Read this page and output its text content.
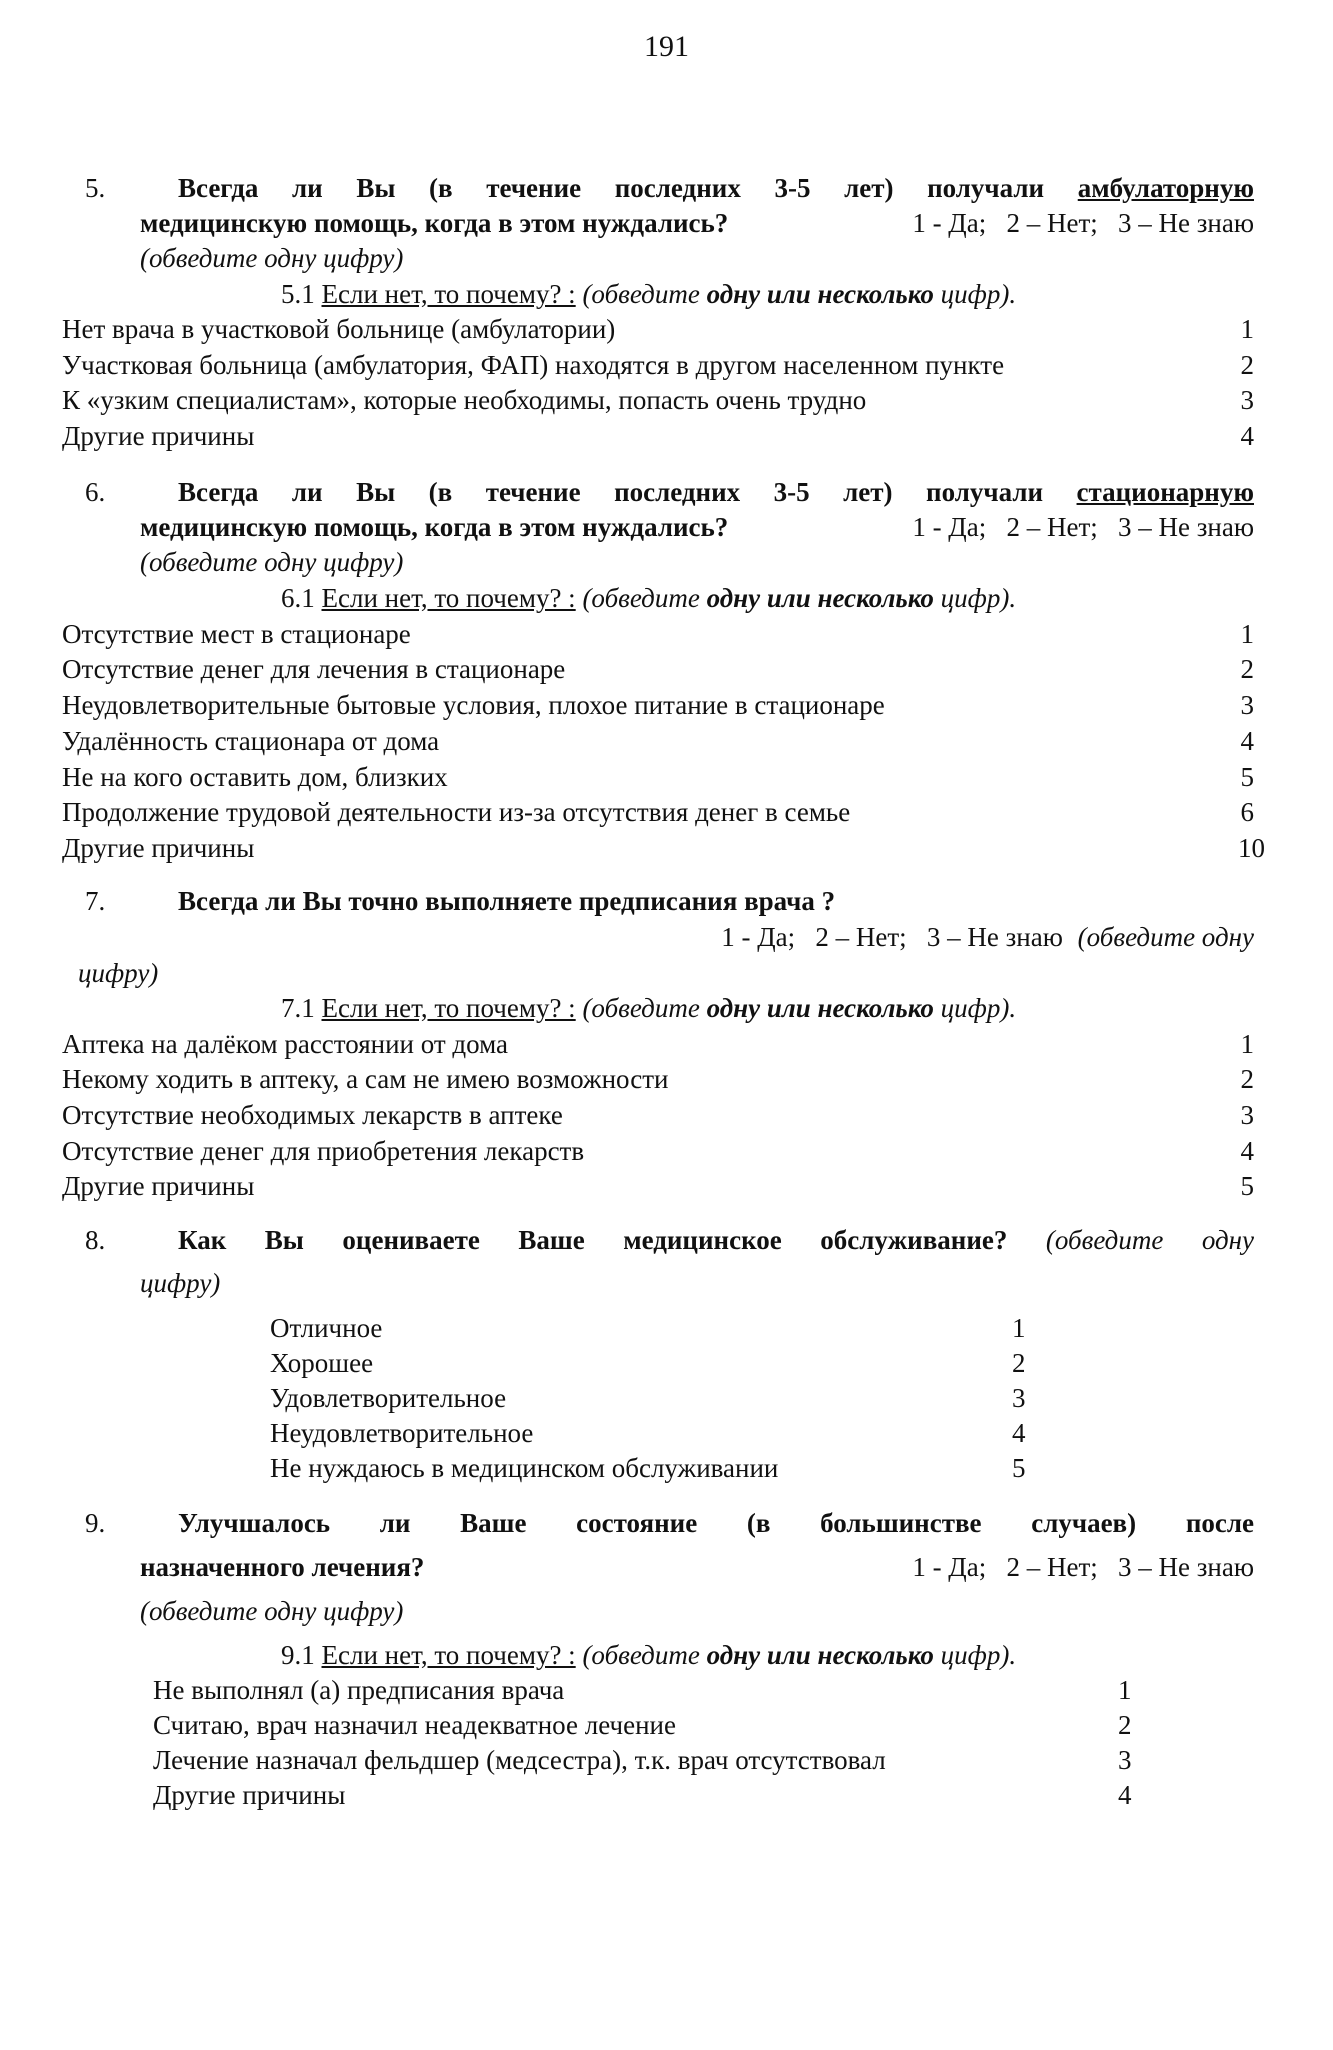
191
5.	Всегда ли Вы (в течение последних 3-5 лет) получали амбулаторную
медицинскую помощь, когда в этом нуждались?	1 - Да;   2 – Нет;   3 – Не знаю
(обведите одну цифру)
5.1 Если нет, то почему? : (обведите одну или несколько цифр).
Нет врача в участковой больнице (амбулатории)	1
Участковая больница (амбулатория, ФАП) находятся в другом населенном пункте	2
К «узким специалистам», которые необходимы, попасть очень трудно	3
Другие причины	4
6.	Всегда ли Вы (в течение последних 3-5 лет) получали стационарную
медицинскую помощь, когда в этом нуждались?	1 - Да;   2 – Нет;   3 – Не знаю
(обведите одну цифру)
6.1 Если нет, то почему? : (обведите одну или несколько цифр).
Отсутствие мест в стационаре	1
Отсутствие денег для лечения в стационаре	2
Неудовлетворительные бытовые условия, плохое питание в стационаре	3
Удалённость стационара от дома	4
Не на кого оставить дом, близких	5
Продолжение трудовой деятельности из-за отсутствия денег в семье	6
Другие причины	10
7.	Всегда ли Вы точно выполняете предписания врача ?
1 - Да;   2 – Нет;   3 – Не знаю (обведите одну
цифру)
7.1 Если нет, то почему? : (обведите одну или несколько цифр).
Аптека на далёком расстоянии от дома	1
Некому ходить в аптеку, а сам не имею возможности	2
Отсутствие необходимых лекарств в аптеке	3
Отсутствие денег для приобретения лекарств	4
Другие причины	5
8.	Как Вы оцениваете Ваше медицинское обслуживание? (обведите одну
цифру)
Отличное	1
Хорошее	2
Удовлетворительное	3
Неудовлетворительное	4
Не нуждаюсь в медицинском обслуживании	5
9.	Улучшалось ли Ваше состояние (в большинстве случаев) после
назначенного лечения?	1 - Да;   2 – Нет;   3 – Не знаю
(обведите одну цифру)
9.1 Если нет, то почему? : (обведите одну или несколько цифр).
Не выполнял (а) предписания врача	1
Считаю, врач назначил неадекватное лечение	2
Лечение назначал фельдшер (медсестра), т.к. врач отсутствовал	3
Другие причины	4
